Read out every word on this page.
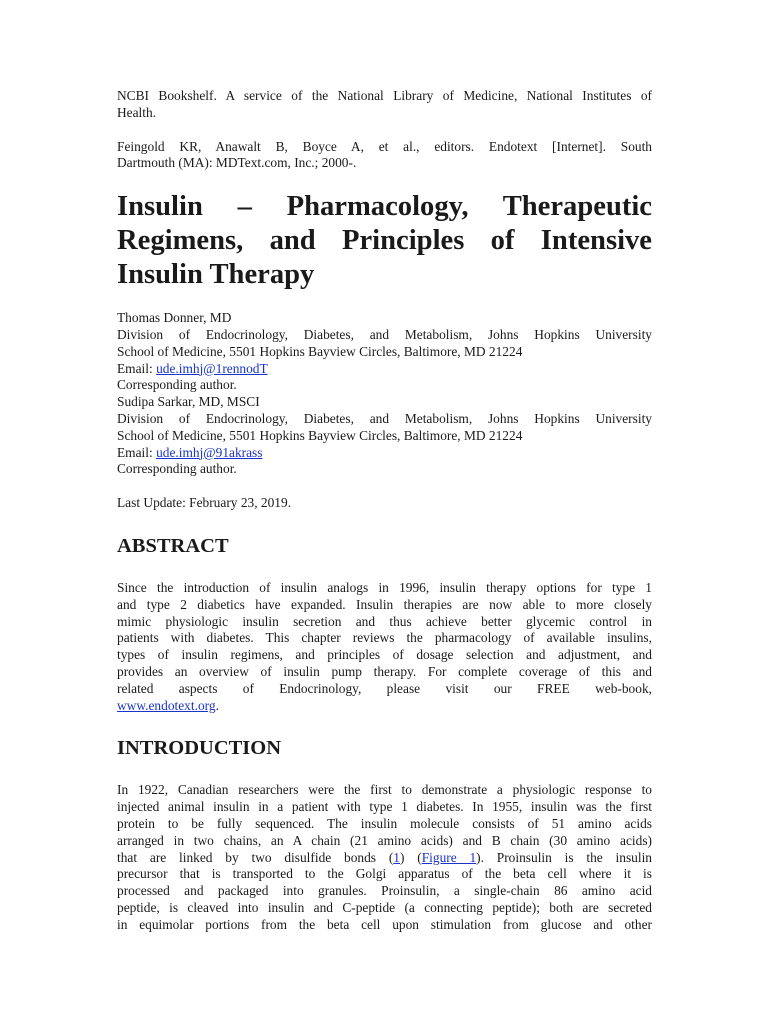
NCBI Bookshelf. A service of the National Library of Medicine, National Institutes of
Health.
Feingold KR, Anawalt B, Boyce A, et al., editors. Endotext [Internet]. South
Dartmouth (MA): MDText.com, Inc.; 2000-.
Insulin – Pharmacology, Therapeutic
Regimens, and Principles of Intensive
Insulin Therapy
Thomas Donner, MD
Division of Endocrinology, Diabetes, and Metabolism, Johns Hopkins University
School of Medicine, 5501 Hopkins Bayview Circles, Baltimore, MD 21224
Email: ude.imhj@1rennodT
Corresponding author.
Sudipa Sarkar, MD, MSCI
Division of Endocrinology, Diabetes, and Metabolism, Johns Hopkins University
School of Medicine, 5501 Hopkins Bayview Circles, Baltimore, MD 21224
Email: ude.imhj@91akrass
Corresponding author.
Last Update: February 23, 2019.
ABSTRACT
Since the introduction of insulin analogs in 1996, insulin therapy options for type 1
and type 2 diabetics have expanded. Insulin therapies are now able to more closely
mimic physiologic insulin secretion and thus achieve better glycemic control in
patients with diabetes. This chapter reviews the pharmacology of available insulins,
types of insulin regimens, and principles of dosage selection and adjustment, and
provides an overview of insulin pump therapy. For complete coverage of this and
related aspects of Endocrinology, please visit our FREE web-book,
www.endotext.org.
INTRODUCTION
In 1922, Canadian researchers were the first to demonstrate a physiologic response to
injected animal insulin in a patient with type 1 diabetes. In 1955, insulin was the first
protein to be fully sequenced. The insulin molecule consists of 51 amino acids
arranged in two chains, an A chain (21 amino acids) and B chain (30 amino acids)
that are linked by two disulfide bonds (1) (Figure 1). Proinsulin is the insulin
precursor that is transported to the Golgi apparatus of the beta cell where it is
processed and packaged into granules. Proinsulin, a single-chain 86 amino acid
peptide, is cleaved into insulin and C-peptide (a connecting peptide); both are secreted
in equimolar portions from the beta cell upon stimulation from glucose and other
